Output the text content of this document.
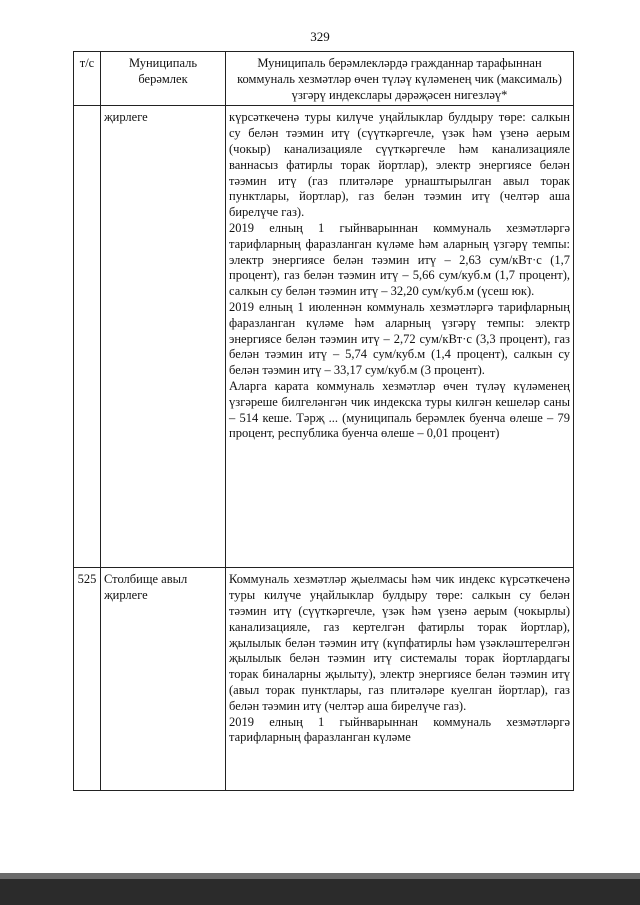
329
т/с	Муниципаль берәмлек	Муниципаль берәмлекләрдә гражданнар тарафыннан коммуналь хезмәтләр өчен түләү күләменең чик (максималь) үзгәрү индекслары дәрәҗәсен нигезләү*
	җирлеге	күрсәткеченә туры килүче уңайлыклар булдыру төре: салкын су белән тәэмин итү (сүүткәргечле, үзәк һәм үзенә аерым (чокыр) канализацияле сүүткәргечле һәм канализацияле ваннасыз фатирлы торак йортлар), электр энергиясе белән тәэмин итү (газ плитәләре урнаштырылган авыл торак пунктлары, йортлар), газ белән тәэмин итү (челтәр аша бирелүче газ).
2019 елның 1 гыйнварыннан коммуналь хезмәтләргә тарифларның фаразланган күләме һәм аларның үзгәрү темпы: электр энергиясе белән тәэмин итү – 2,63 сум/кВт·с (1,7 процент), газ белән тәэмин итү – 5,66 сум/куб.м (1,7 процент), салкын су белән тәэмин итү – 32,20 сум/куб.м (үсеш юк).
2019 елның 1 июленнән коммуналь хезмәтләргә тарифларның фаразланган күләме һәм аларның үзгәрү темпы: электр энергиясе белән тәэмин итү – 2,72 сум/кВт·с (3,3 процент), газ белән тәэмин итү – 5,74 сум/куб.м (1,4 процент), салкын су белән тәэмин итү – 33,17 сум/куб.м (3 процент).
Аларга карата коммуналь хезмәтләр өчен түләү күләменең үзгәреше билгеләнгән чик индекска туры килгән кешеләр саны – 514 кеше. Тәрҗ ... (муниципаль берәмлек буенча өлеше – 79 процент, республика буенча өлеше – 0,01 процент)

525	Столбище авыл җирлеге	Коммуналь хезмәтләр җыелмасы һәм чик индекс күрсәткеченә туры килүче уңайлыклар булдыру төре: салкын су белән тәэмин итү (сүүткәргечле, үзәк һәм үзенә аерым (чокырлы) канализацияле, газ кертелгән фатирлы торак йортлар), җылылык белән тәэмин итү (күпфатирлы һәм үзәкләштерелгән җылылык белән тәэмин итү системалы торак йортлардагы торак биналарны җылыту), электр энергиясе белән тәэмин итү (авыл торак пунктлары, газ плитәләре куелган йортлар), газ белән тәэмин итү (челтәр аша бирелүче газ).
2019 елның 1 гыйнварыннан коммуналь хезмәтләргә тарифларның фаразланган күләме
